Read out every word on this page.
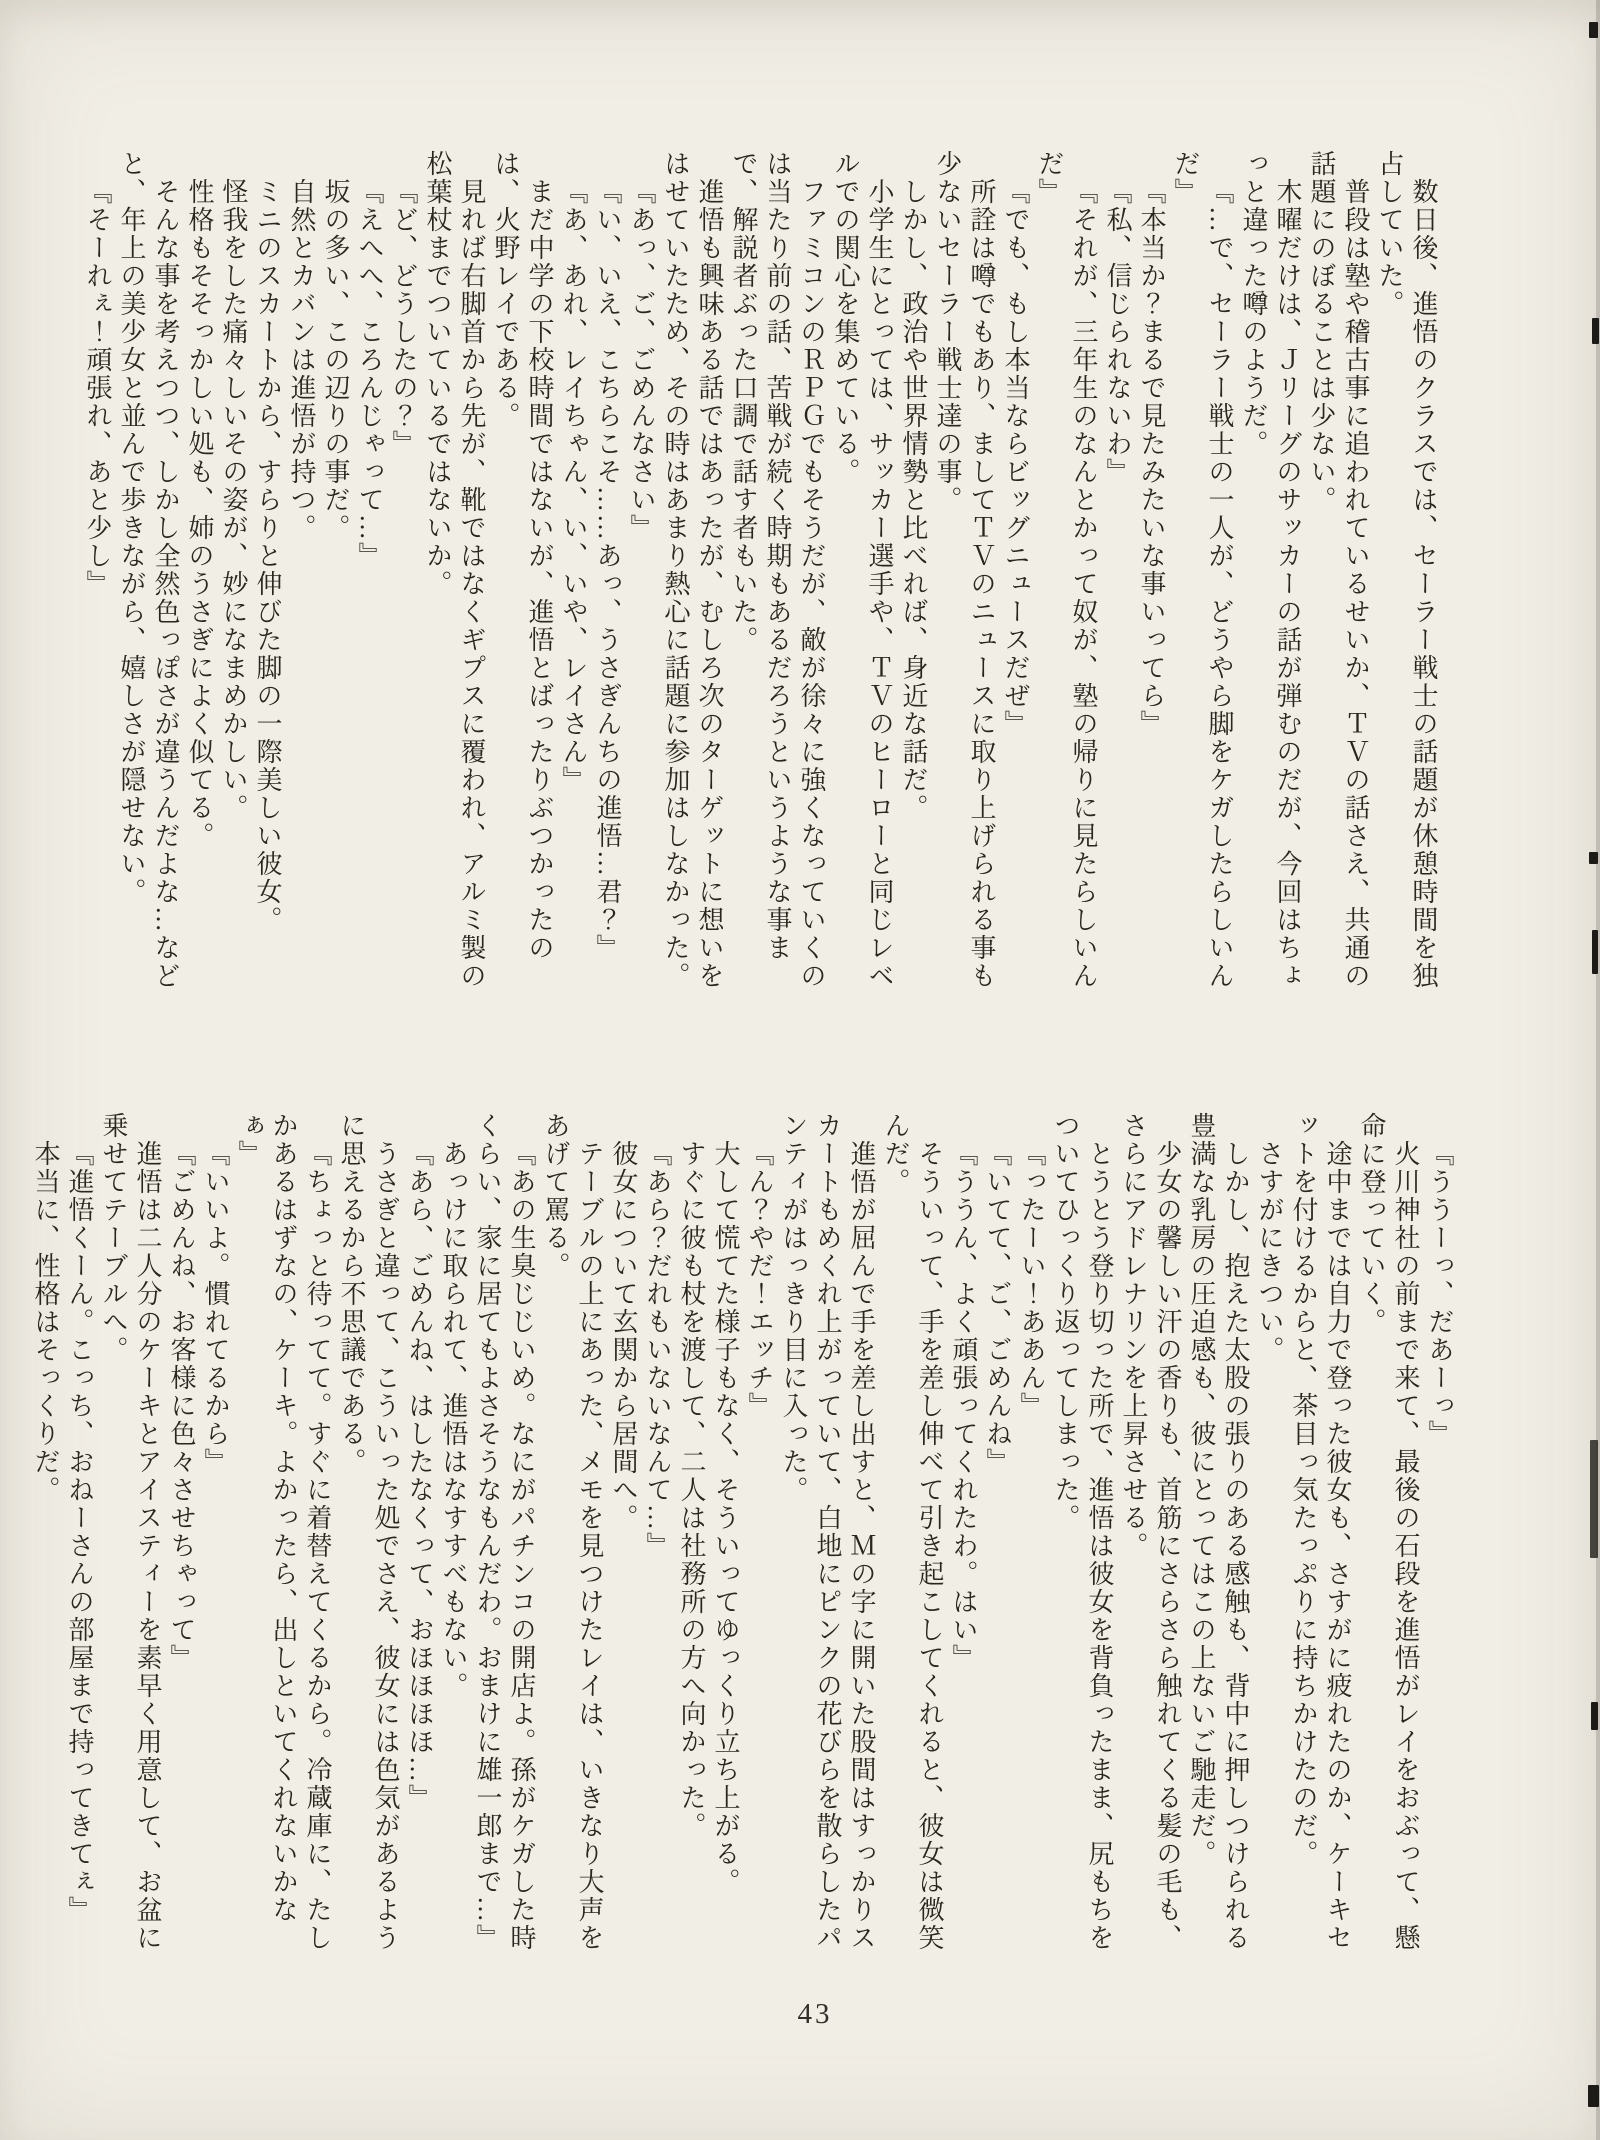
数日後、進悟のクラスでは、セーラー戦士の話題が休憩時間を独占していた。

普段は塾や稽古事に追われているせいか、ＴＶの話さえ、共通の話題にのぼることは少ない。

木曜だけは、Ｊリーグのサッカーの話が弾むのだが、今回はちょっと違った噂のようだ。

『…で、セーラー戦士の一人が、どうやら脚をケガしたらしいんだ』

『本当か？まるで見たみたいな事いってら』

『私、信じられないわ』

『それが、三年生のなんとかって奴が、塾の帰りに見たらしいんだ』

『でも、もし本当ならビッグニュースだぜ』

所詮は噂でもあり、ましてＴＶのニュースに取り上げられる事も少ないセーラー戦士達の事。

しかし、政治や世界情勢と比べれば、身近な話だ。

小学生にとっては、サッカー選手や、ＴＶのヒーローと同じレベルでの関心を集めている。

ファミコンのＲＰＧでもそうだが、敵が徐々に強くなっていくのは当たり前の話、苦戦が続く時期もあるだろうというような事まで、解説者ぶった口調で話す者もいた。

進悟も興味ある話ではあったが、むしろ次のターゲットに想いをはせていたため、その時はあまり熱心に話題に参加はしなかった。

『あっ、ご、ごめんなさい』

『い、いえ、こちらこそ……あっ、うさぎんちの進悟…君？』

『あ、あれ、レイちゃん、い、いや、レイさん』

まだ中学の下校時間ではないが、進悟とばったりぶつかったのは、火野レイである。

見れば右脚首から先が、靴ではなくギプスに覆われ、アルミ製の松葉杖までついているではないか。

『ど、どうしたの？』

『えへへ、ころんじゃって…』

坂の多い、この辺りの事だ。

自然とカバンは進悟が持つ。

ミニのスカートから、すらりと伸びた脚の一際美しい彼女。

怪我をした痛々しいその姿が、妙になまめかしい。

性格もそそっかしい処も、姉のうさぎによく似てる。

そんな事を考えつつ、しかし全然色っぽさが違うんだよな…などと、年上の美少女と並んで歩きながら、嬉しさが隠せない。

『そーれぇ！頑張れ、あと少し』

『ううーっ、だあーっ』

火川神社の前まで来て、最後の石段を進悟がレイをおぶって、懸命に登っていく。

途中までは自力で登った彼女も、さすがに疲れたのか、ケーキセットを付けるからと、茶目っ気たっぷりに持ちかけたのだ。

さすがにきつい。

しかし、抱えた太股の張りのある感触も、背中に押しつけられる豊満な乳房の圧迫感も、彼にとってはこの上ないご馳走だ。

少女の馨しい汗の香りも、首筋にさらさら触れてくる髪の毛も、さらにアドレナリンを上昇させる。

とうとう登り切った所で、進悟は彼女を背負ったまま、尻もちをついてひっくり返ってしまった。

『ったーい！ああん』

『いてて、ご、ごめんね』

『ううん、よく頑張ってくれたわ。はい』

そういって、手を差し伸べて引き起こしてくれると、彼女は微笑んだ。

進悟が屈んで手を差し出すと、Ｍの字に開いた股間はすっかりスカートもめくれ上がっていて、白地にピンクの花びらを散らしたパンティがはっきり目に入った。

『ん？やだ！エッチ』

大して慌てた様子もなく、そういってゆっくり立ち上がる。

すぐに彼も杖を渡して、二人は社務所の方へ向かった。

『あら？だれもいないなんて…』

彼女について玄関から居間へ。

テーブルの上にあった、メモを見つけたレイは、いきなり大声をあげて罵る。

『あの生臭じじいめ。なにがパチンコの開店よ。孫がケガした時くらい、家に居てもよさそうなもんだわ。おまけに雄一郎まで…』

あっけに取られて、進悟はなすすべもない。

『あら、ごめんね、はしたなくって、おほほほほ…』

うさぎと違って、こういった処でさえ、彼女には色気があるように思えるから不思議である。

『ちょっと待ってて。すぐに着替えてくるから。冷蔵庫に、たしかあるはずなの、ケーキ。よかったら、出しといてくれないかなぁ』

『いいよ。慣れてるから』

『ごめんね、お客様に色々させちゃって』

進悟は二人分のケーキとアイスティーを素早く用意して、お盆に乗せてテーブルへ。

『進悟くーん。こっち、おねーさんの部屋まで持ってきてぇ』

本当に、性格はそっくりだ。

43
